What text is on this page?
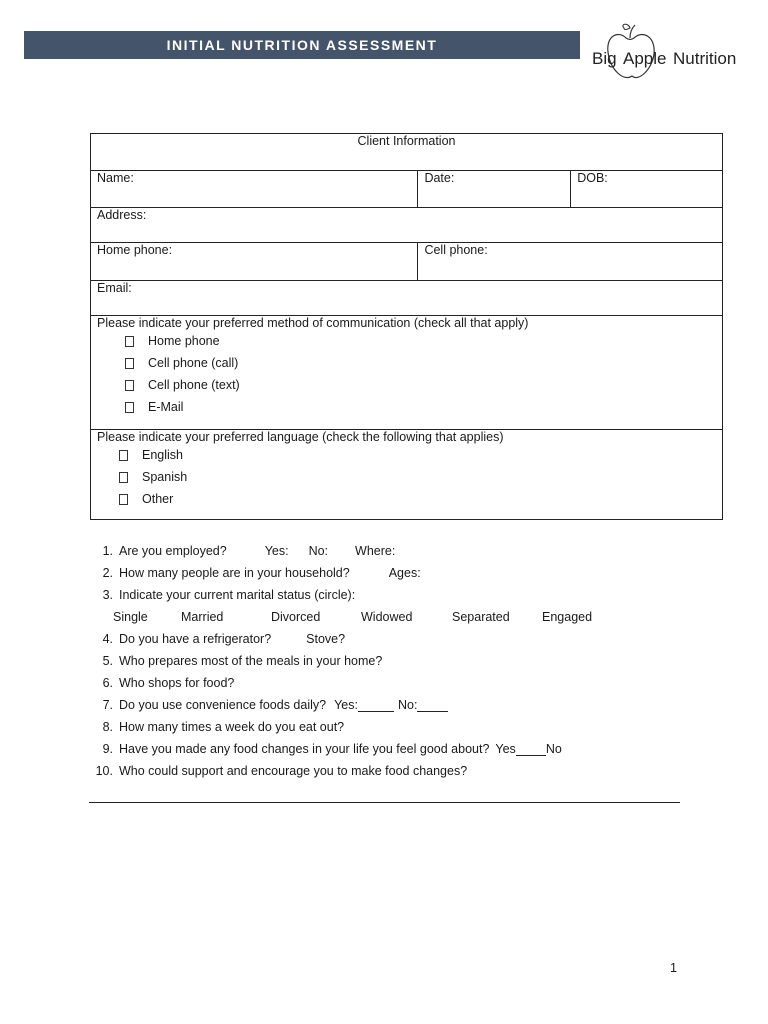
INITIAL NUTRITION ASSESSMENT
Big Apple Nutrition
Client Information		
Name:	Date:	DOB:
Address:		
Home phone:	Cell phone:	
Email:		

Please indicate your preferred method of communication (check all that apply)
Home phone
Cell phone (call)
Cell phone (text)
E-Mail		

Please indicate your preferred language (check the following that applies)
English
Spanish
Other		
1. Are you employed?	Yes: No: Where:
2. How many people are in your household?	Ages:
3. Indicate your current marital status (circle):
Single	Married	Divorced	Widowed	Separated	Engaged
4. Do you have a refrigerator?	Stove?
5. Who prepares most of the meals in your home?
6. Who shops for food?
7. Do you use convenience foods daily? Yes:	No:
8. How many times a week do you eat out?
9. Have you made any food changes in your life you feel good about? Yes No
10. Who could support and encourage you to make food changes?
1
